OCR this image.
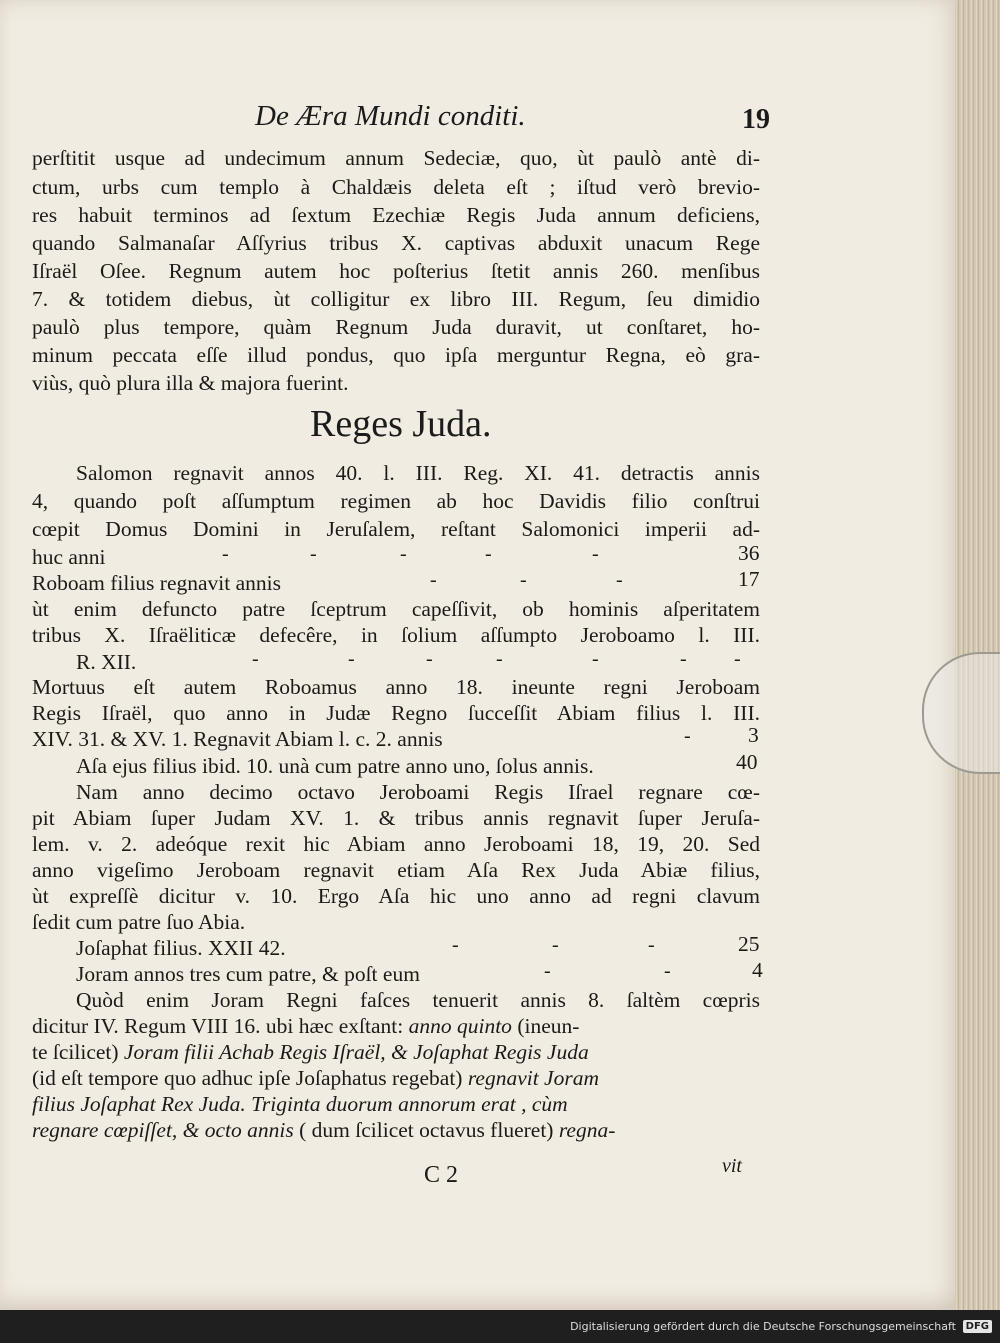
De Æra Mundi conditi.	19
perſtitit usque ad undecimum annum Sedeciæ, quo, ùt paulò antè di-
ctum, urbs cum templo à Chaldæis deleta eſt ; iſtud verò brevio-
res habuit terminos ad ſextum Ezechiæ Regis Juda annum deficiens,
quando Salmanaſar Aſſyrius tribus X. captivas abduxit unacum Rege
Iſraël Oſee. Regnum autem hoc poſterius ſtetit annis 260. menſibus
7. & totidem diebus, ùt colligitur ex libro III. Regum, ſeu dimidio
paulò plus tempore, quàm Regnum Juda duravit, ut conſtaret, ho-
minum peccata eſſe illud pondus, quo ipſa merguntur Regna, eò gra-
viùs, quò plura illa & majora fuerint.
Reges Juda.
Salomon regnavit annos 40. l. III. Reg. XI. 41. detractis annis
4, quando poſt aſſumptum regimen ab hoc Davidis filio conſtrui
cœpit Domus Domini in Jeruſalem, reſtant Salomonici imperii ad-
huc anni	-	-	-	-	-	36
Roboam filius regnavit annis	-	-	-	17
ùt enim defuncto patre ſceptrum capeſſivit, ob hominis aſperitatem
tribus X. Iſraëliticæ defecêre, in ſolium aſſumpto Jeroboamo l. III.
R. XII.	-	-	-	-	-	- -
Mortuus eſt autem Roboamus anno 18. ineunte regni Jeroboam
Regis Iſraël, quo anno in Judæ Regno ſucceſſit Abiam filius l. III.
XIV. 31. & XV. 1. Regnavit Abiam l. c. 2. annis	-	3
Aſa ejus filius ibid. 10. unà cum patre anno uno, ſolus annis.	40
Nam anno decimo octavo Jeroboami Regis Iſrael regnare cœ-
pit Abiam ſuper Judam XV. 1. & tribus annis regnavit ſuper Jeruſa-
lem. v. 2. adeóque rexit hic Abiam anno Jeroboami 18, 19, 20. Sed
anno vigeſimo Jeroboam regnavit etiam Aſa Rex Juda Abiæ filius,
ùt expreſſè dicitur v. 10. Ergo Aſa hic uno anno ad regni clavum
ſedit cum patre ſuo Abia.
Joſaphat filius. XXII 42.	-	-	-	25
Joram annos tres cum patre, & poſt eum	-	-	4
Quòd enim Joram Regni faſces tenuerit annis 8. ſaltèm cœpris
dicitur IV. Regum VIII 16. ubi hæc exſtant: anno quinto (ineun-
te ſcilicet) Joram filii Achab Regis Iſraël, & Joſaphat Regis Juda
(id eſt tempore quo adhuc ipſe Joſaphatus regebat) regnavit Joram
filius Joſaphat Rex Juda. Triginta duorum annorum erat , cùm
regnare cœpiſſet, & octo annis ( dum ſcilicet octavus flueret) regna-
C 2	vit
Digitalisierung gefördert durch die Deutsche Forschungsgemeinschaft DFG
